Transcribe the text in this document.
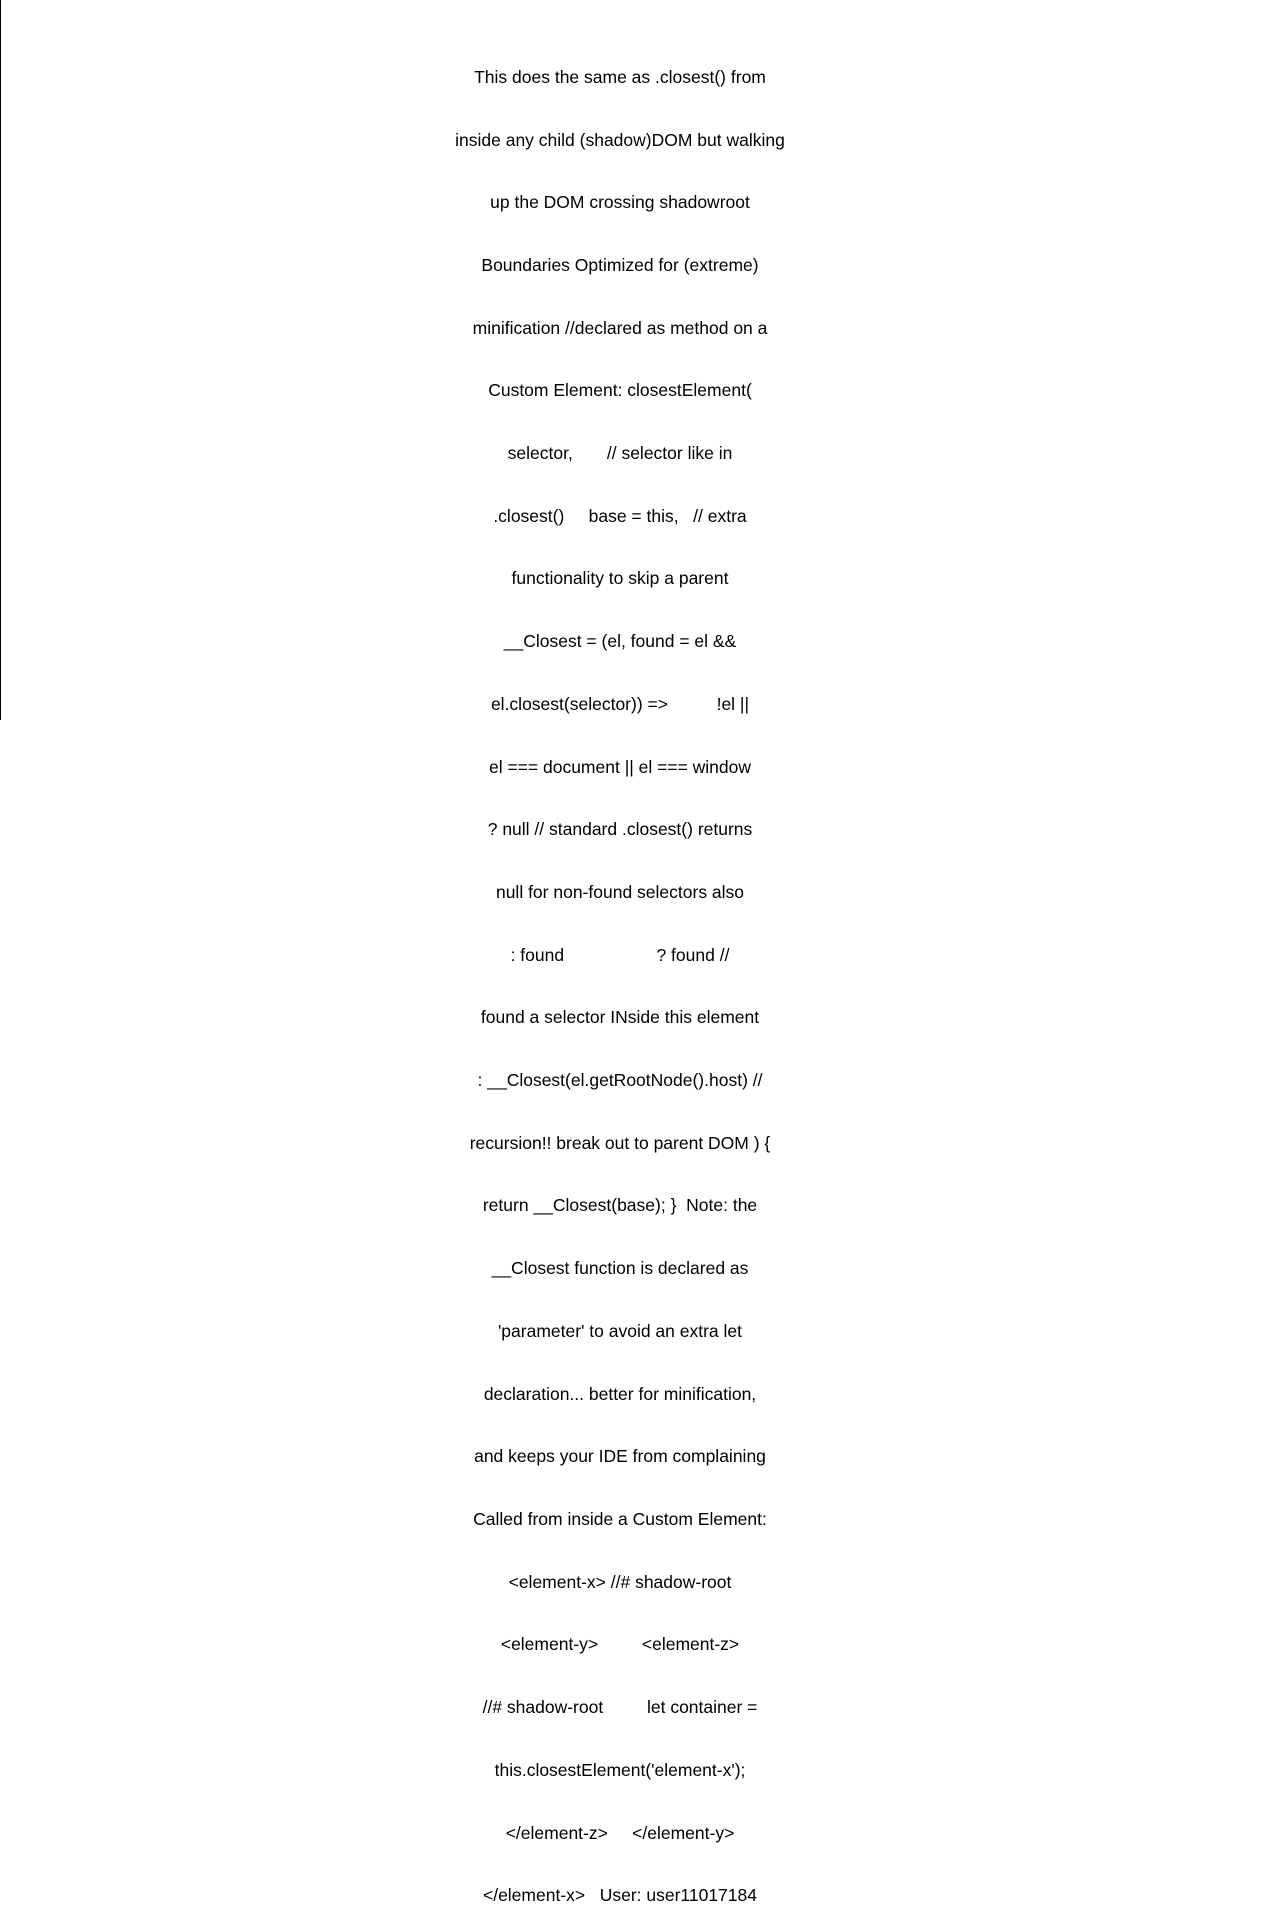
This does the same as .closest() from

inside any child (shadow)DOM but walking

up the DOM crossing shadowroot

Boundaries Optimized for (extreme)

minification //declared as method on a

Custom Element: closestElement(

selector,       // selector like in

.closest()     base = this,   // extra

functionality to skip a parent

__Closest = (el, found = el &&

el.closest(selector)) =>          !el ||

el === document || el === window

? null // standard .closest() returns

null for non-found selectors also

: found                   ? found //

found a selector INside this element

: __Closest(el.getRootNode().host) //

recursion!! break out to parent DOM ) {

return __Closest(base); }  Note: the

__Closest function is declared as

'parameter' to avoid an extra let

declaration... better for minification,

and keeps your IDE from complaining

Called from inside a Custom Element:

<element-x> //# shadow-root

<element-y>         <element-z>

//# shadow-root         let container =

this.closestElement('element-x');

</element-z>     </element-y>

</element-x>   User: user11017184
